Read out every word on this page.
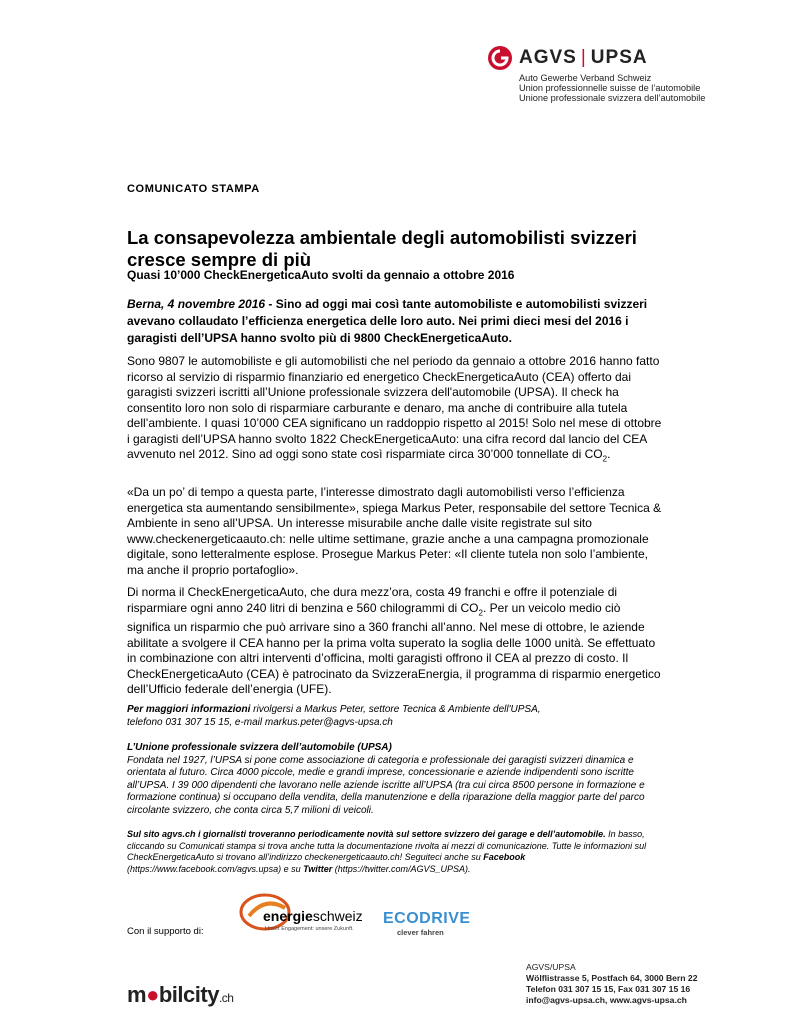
AGVS | UPSA
Auto Gewerbe Verband Schweiz
Union professionnelle suisse de l’automobile
Unione professionale svizzera dell’automobile
COMUNICATO STAMPA
La consapevolezza ambientale degli automobilisti svizzeri cresce sempre di più
Quasi 10’000 CheckEnergeticaAuto svolti da gennaio a ottobre 2016
Berna, 4 novembre 2016 - Sino ad oggi mai così tante automobiliste e automobilisti svizzeri avevano collaudato l’efficienza energetica delle loro auto. Nei primi dieci mesi del 2016 i garagisti dell’UPSA hanno svolto più di 9800 CheckEnergeticaAuto.
Sono 9807 le automobiliste e gli automobilisti che nel periodo da gennaio a ottobre 2016 hanno fatto ricorso al servizio di risparmio finanziario ed energetico CheckEnergeticaAuto (CEA) offerto dai garagisti svizzeri iscritti all’Unione professionale svizzera dell'automobile (UPSA). Il check ha consentito loro non solo di risparmiare carburante e denaro, ma anche di contribuire alla tutela dell’ambiente. I quasi 10’000 CEA significano un raddoppio rispetto al 2015! Solo nel mese di ottobre i garagisti dell’UPSA hanno svolto 1822 CheckEnergeticaAuto: una cifra record dal lancio del CEA avvenuto nel 2012. Sino ad oggi sono state così risparmiate circa 30’000 tonnellate di $CO_2$.
«Da un po’ di tempo a questa parte, l’interesse dimostrato dagli automobilisti verso l’efficienza energetica sta aumentando sensibilmente», spiega Markus Peter, responsabile del settore Tecnica & Ambiente in seno all’UPSA. Un interesse misurabile anche dalle visite registrate sul sito www.checkenergeticaauto.ch: nelle ultime settimane, grazie anche a una campagna promozionale digitale, sono letteralmente esplose. Prosegue Markus Peter: «Il cliente tutela non solo l’ambiente, ma anche il proprio portafoglio».
Di norma il CheckEnergeticaAuto, che dura mezz’ora, costa 49 franchi e offre il potenziale di risparmiare ogni anno 240 litri di benzina e 560 chilogrammi di $CO_2$. Per un veicolo medio ciò significa un risparmio che può arrivare sino a 360 franchi all’anno. Nel mese di ottobre, le aziende abilitate a svolgere il CEA hanno per la prima volta superato la soglia delle 1000 unità. Se effettuato in combinazione con altri interventi d’officina, molti garagisti offrono il CEA al prezzo di costo. Il CheckEnergeticaAuto (CEA) è patrocinato da SvizzeraEnergia, il programma di risparmio energetico dell’Ufficio federale dell’energia (UFE).
Per maggiori informazioni rivolgersi a Markus Peter, settore Tecnica & Ambiente dell'UPSA,
telefono 031 307 15 15, e-mail markus.peter@agvs-upsa.ch
L’Unione professionale svizzera dell’automobile (UPSA)
Fondata nel 1927, l’UPSA si pone come associazione di categoria e professionale dei garagisti svizzeri dinamica e orientata al futuro. Circa 4000 piccole, medie e grandi imprese, concessionarie e aziende indipendenti sono iscritte all’UPSA. I 39 000 dipendenti che lavorano nelle aziende iscritte all’UPSA (tra cui circa 8500 persone in formazione e formazione continua) si occupano della vendita, della manutenzione e della riparazione della maggior parte del parco circolante svizzero, che conta circa 5,7 milioni di veicoli.
Sul sito agvs.ch i giornalisti troveranno periodicamente novità sul settore svizzero dei garage e dell’automobile. In basso, cliccando su Comunicati stampa si trova anche tutta la documentazione rivolta ai mezzi di comunicazione. Tutte le informazioni sul CheckEnergeticaAuto si trovano all’indirizzo checkenergeticaauto.ch! Seguiteci anche su Facebook (https://www.facebook.com/agvs.upsa) e su Twitter (https://twitter.com/AGVS_UPSA).
Con il supporto di:
energieschweiz
Unser Engagement: unsere Zukunft.
ECODRIVE
clever fahren
m●bilcity.ch
AGVS/UPSA
Wölflistrasse 5, Postfach 64, 3000 Bern 22
Telefon 031 307 15 15, Fax 031 307 15 16
info@agvs-upsa.ch, www.agvs-upsa.ch
